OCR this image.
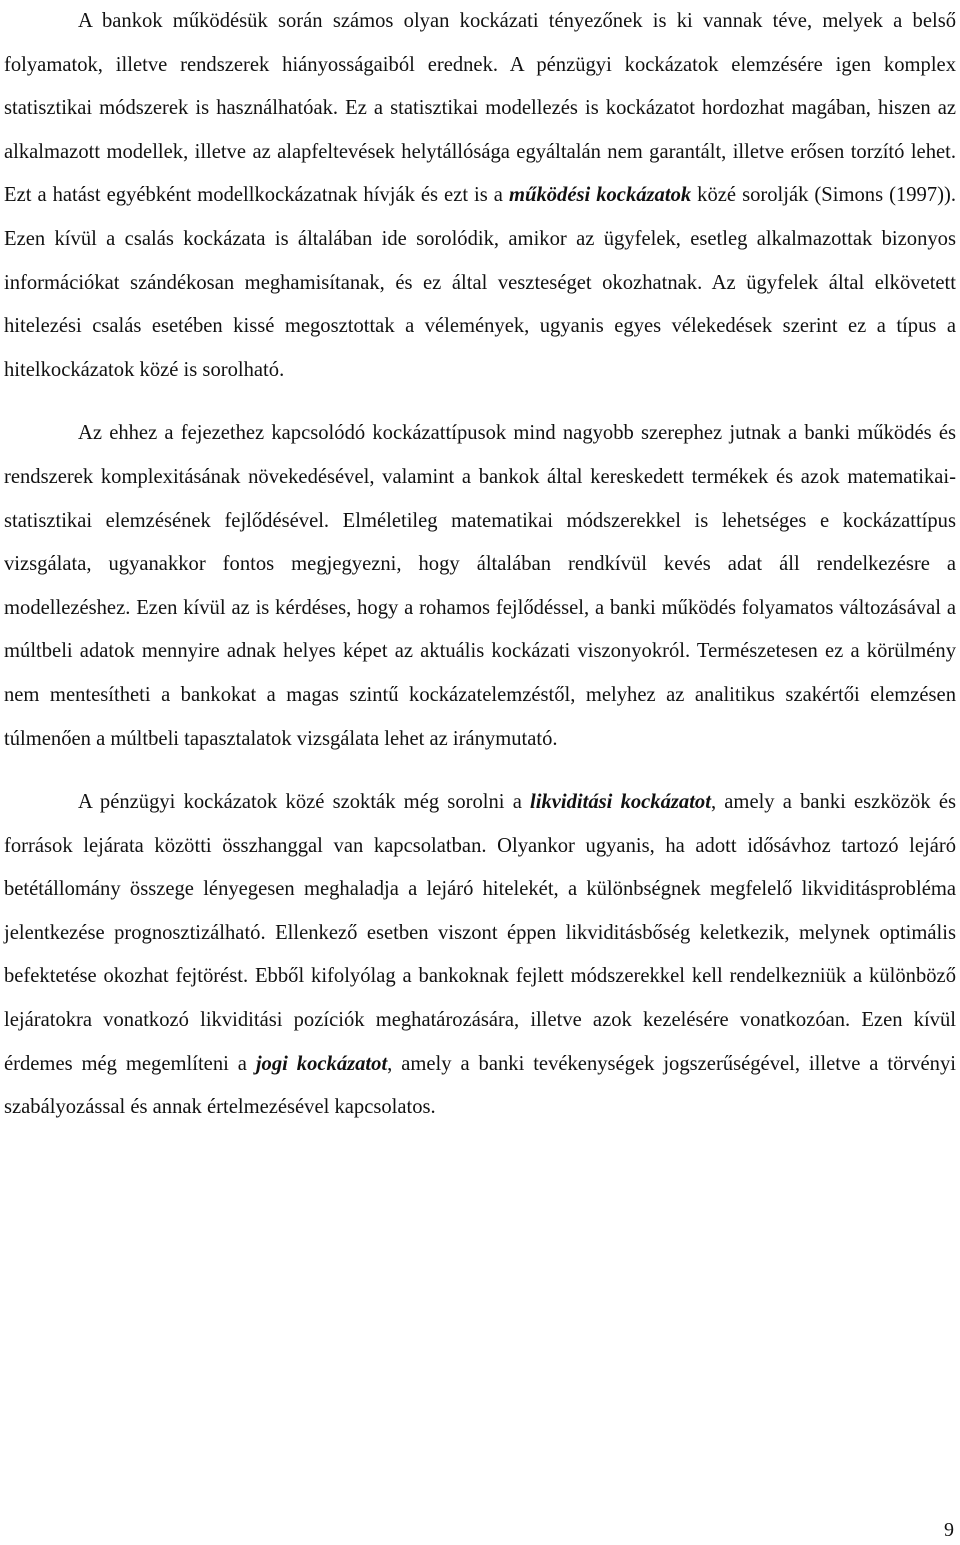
A bankok működésük során számos olyan kockázati tényezőnek is ki vannak téve, melyek a belső folyamatok, illetve rendszerek hiányosságaiból erednek. A pénzügyi kockázatok elemzésére igen komplex statisztikai módszerek is használhatóak. Ez a statisztikai modellezés is kockázatot hordozhat magában, hiszen az alkalmazott modellek, illetve az alapfeltevések helytállósága egyáltalán nem garantált, illetve erősen torzító lehet. Ezt a hatást egyébként modellkockázatnak hívják és ezt is a működési kockázatok közé sorolják (Simons (1997)). Ezen kívül a csalás kockázata is általában ide sorolódik, amikor az ügyfelek, esetleg alkalmazottak bizonyos információkat szándékosan meghamisítanak, és ez által veszteséget okozhatnak. Az ügyfelek által elkövetett hitelezési csalás esetében kissé megosztottak a vélemények, ugyanis egyes vélekedések szerint ez a típus a hitelkockázatok közé is sorolható.

Az ehhez a fejezethez kapcsolódó kockázattípusok mind nagyobb szerephez jutnak a banki működés és rendszerek komplexitásának növekedésével, valamint a bankok által kereskedett termékek és azok matematikai-statisztikai elemzésének fejlődésével. Elméletileg matematikai módszerekkel is lehetséges e kockázattípus vizsgálata, ugyanakkor fontos megjegyezni, hogy általában rendkívül kevés adat áll rendelkezésre a modellezéshez. Ezen kívül az is kérdéses, hogy a rohamos fejlődéssel, a banki működés folyamatos változásával a múltbeli adatok mennyire adnak helyes képet az aktuális kockázati viszonyokról. Természetesen ez a körülmény nem mentesítheti a bankokat a magas szintű kockázatelemzéstől, melyhez az analitikus szakértői elemzésen túlmenően a múltbeli tapasztalatok vizsgálata lehet az iránymutató.

A pénzügyi kockázatok közé szokták még sorolni a likviditási kockázatot, amely a banki eszközök és források lejárata közötti összhanggal van kapcsolatban. Olyankor ugyanis, ha adott idősávhoz tartozó lejáró betétállomány összege lényegesen meghaladja a lejáró hitelekét, a különbségnek megfelelő likviditásprobléma jelentkezése prognosztizálható. Ellenkező esetben viszont éppen likviditásbőség keletkezik, melynek optimális befektetése okozhat fejtörést. Ebből kifolyólag a bankoknak fejlett módszerekkel kell rendelkezniük a különböző lejáratokra vonatkozó likviditási pozíciók meghatározására, illetve azok kezelésére vonatkozóan. Ezen kívül érdemes még megemlíteni a jogi kockázatot, amely a banki tevékenységek jogszerűségével, illetve a törvényi szabályozással és annak értelmezésével kapcsolatos.

9
